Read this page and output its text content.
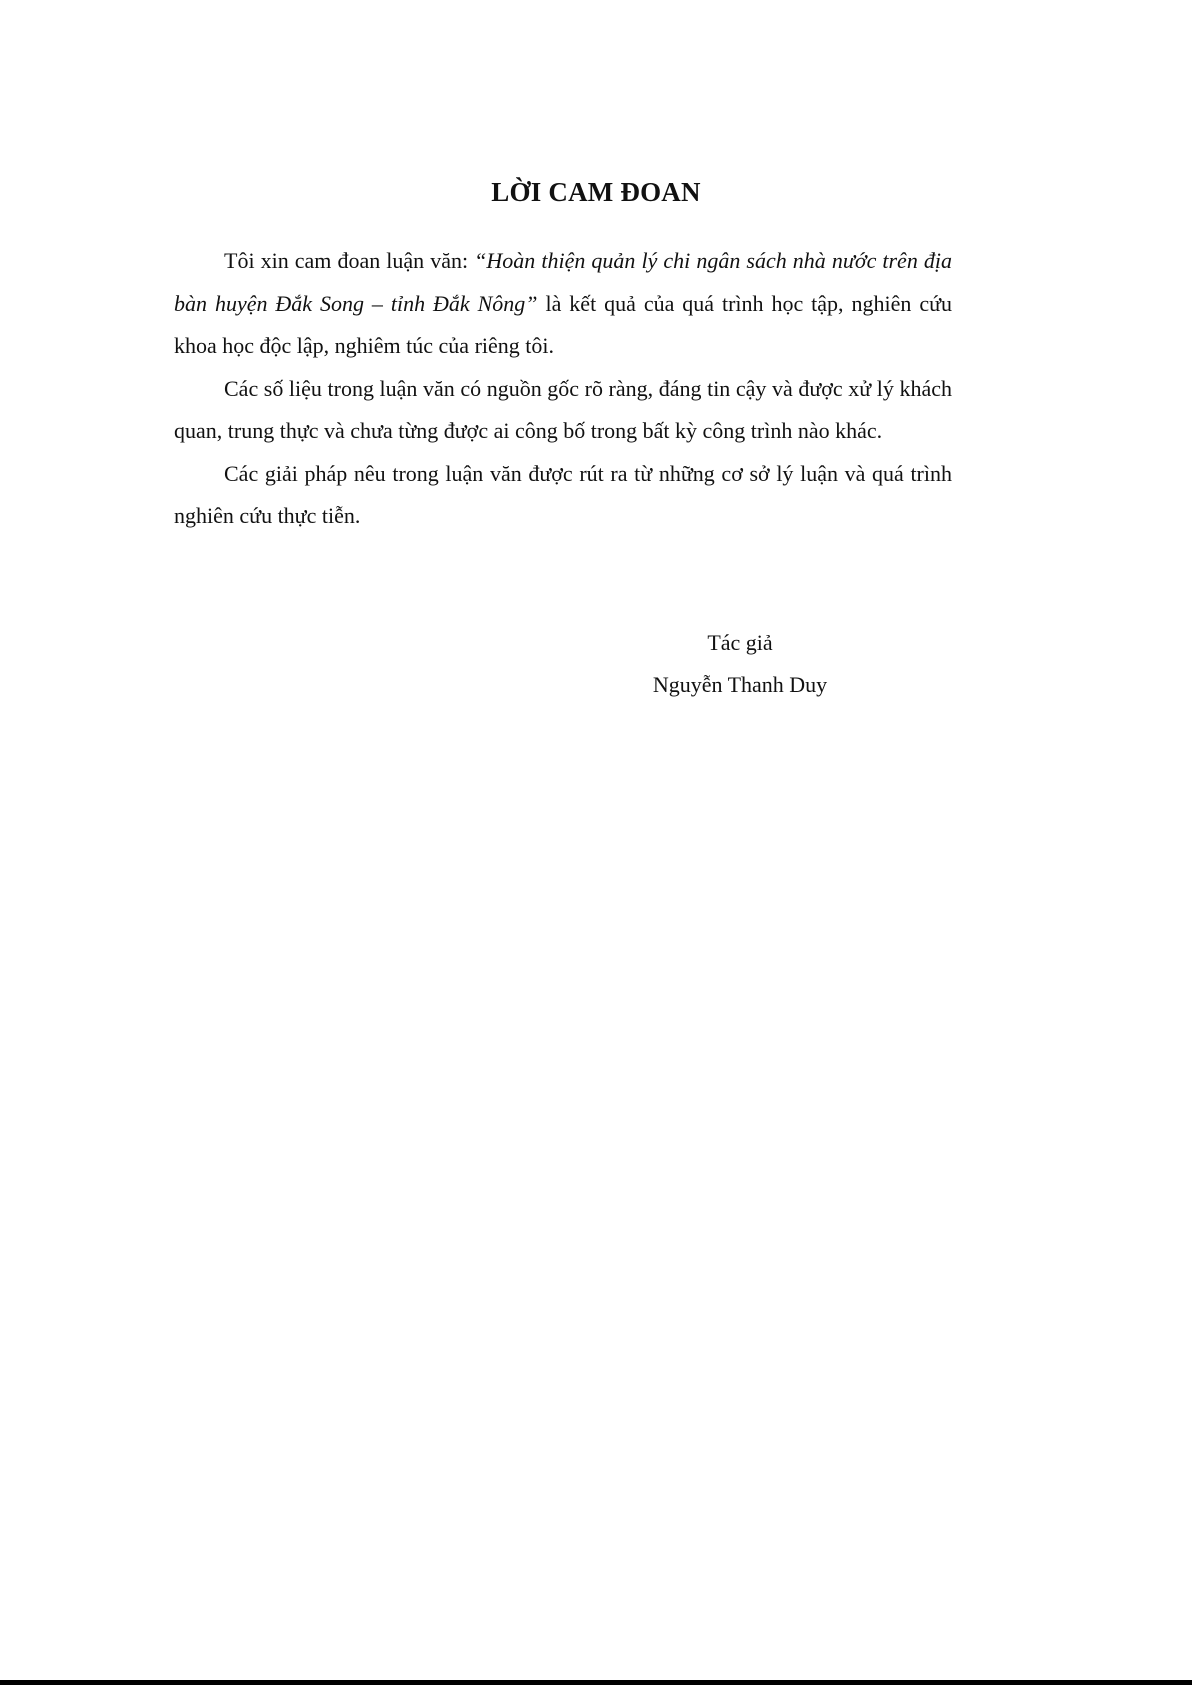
LỜI CAM ĐOAN

Tôi xin cam đoan luận văn: “Hoàn thiện quản lý chi ngân sách nhà nước trên địa bàn huyện Đắk Song – tỉnh Đắk Nông” là kết quả của quá trình học tập, nghiên cứu khoa học độc lập, nghiêm túc của riêng tôi.

Các số liệu trong luận văn có nguồn gốc rõ ràng, đáng tin cậy và được xử lý khách quan, trung thực và chưa từng được ai công bố trong bất kỳ công trình nào khác.

Các giải pháp nêu trong luận văn được rút ra từ những cơ sở lý luận và quá trình nghiên cứu thực tiễn.

Tác giả
Nguyễn Thanh Duy
